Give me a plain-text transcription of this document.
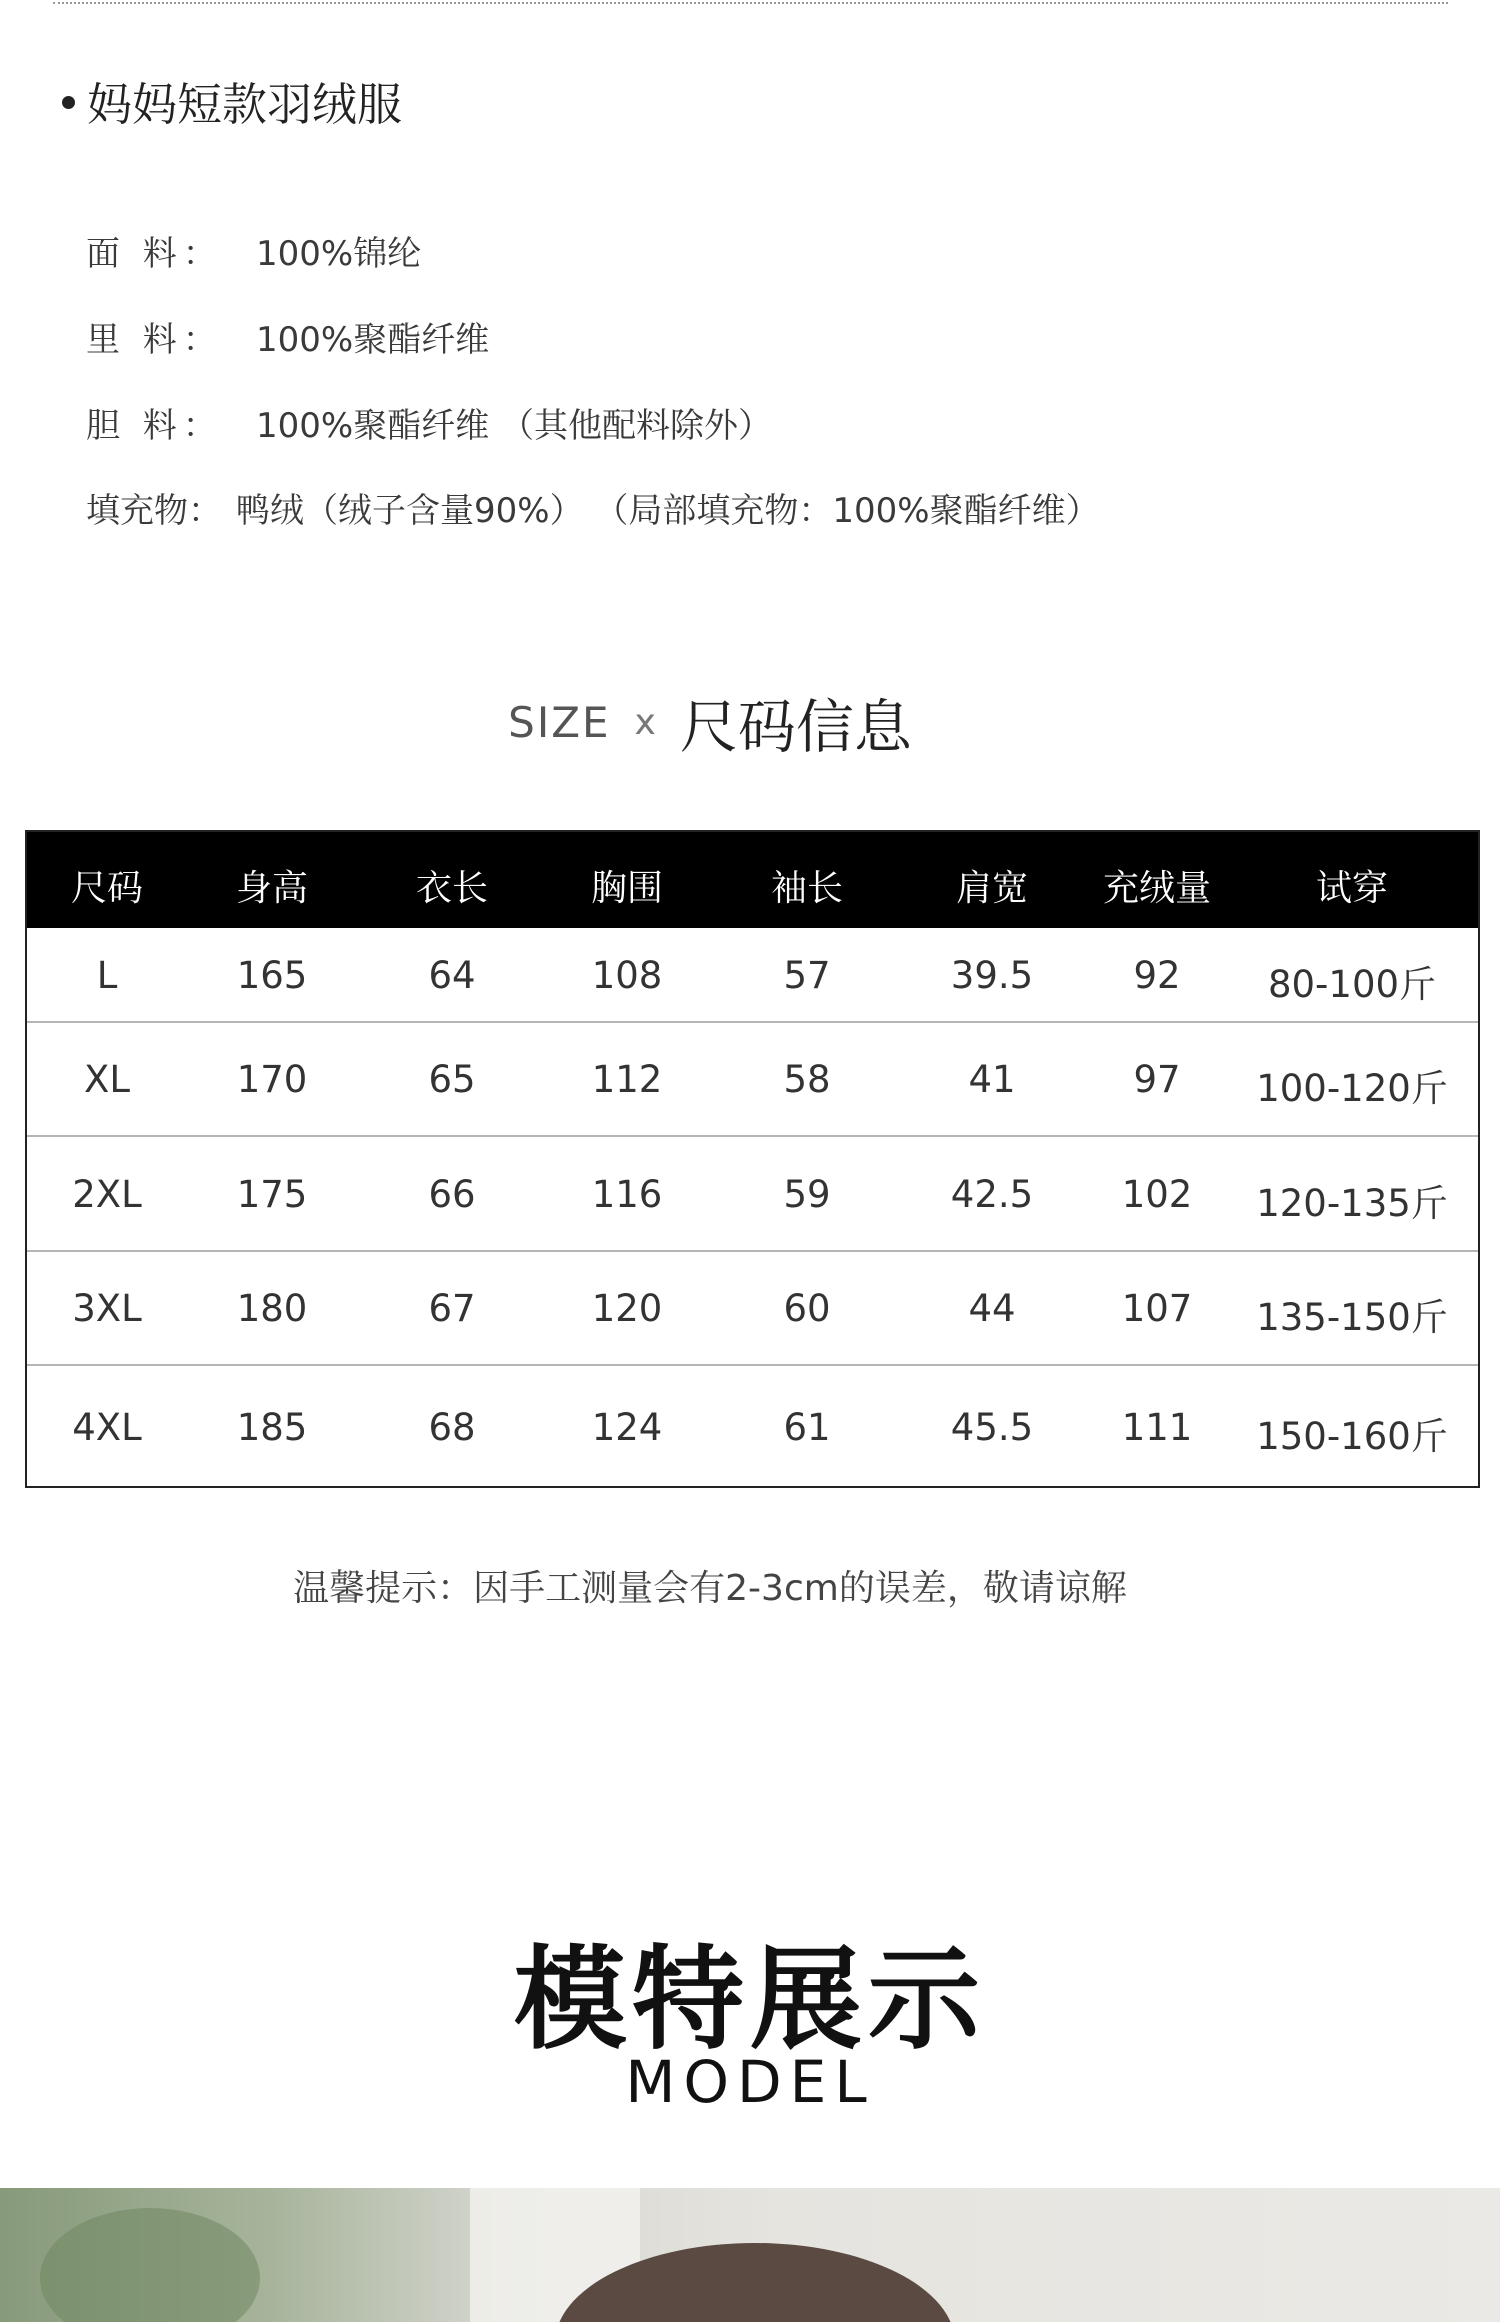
妈妈短款羽绒服
面 料： 100%锦纶
里 料： 100%聚酯纤维
胆 料： 100%聚酯纤维 （其他配料除外）
填充物： 鸭绒（绒子含量90%） （局部填充物：100%聚酯纤维）
SIZE x 尺码信息
尺码	身高	衣长	胸围	袖长	肩宽 充绒量	试穿
L	165	64	108	57	39.5	92 80-100斤
XL	170	65	112	58	41	97 100-120斤
2XL	175	66	116	59	42.5 102 120-135斤
3XL	180	67	120	60	44	107 135-150斤
4XL	185	68	124	61	45.5 111 150-160斤
温馨提示：因手工测量会有2-3cm的误差，敬请谅解
模特展示
MODEL
